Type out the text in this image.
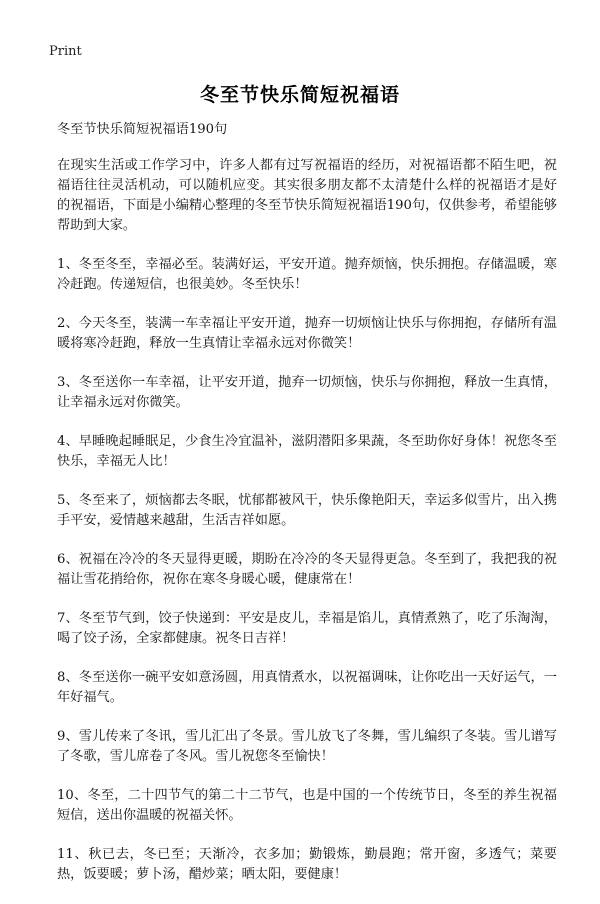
Print
冬至节快乐简短祝福语

冬至节快乐简短祝福语190句

在现实生活或工作学习中，许多人都有过写祝福语的经历，对祝福语都不陌生吧，祝福语往往灵活机动，可以随机应变。其实很多朋友都不太清楚什么样的祝福语才是好的祝福语，下面是小编精心整理的冬至节快乐简短祝福语190句，仅供参考，希望能够帮助到大家。

1、冬至冬至，幸福必至。装满好运，平安开道。抛弃烦恼，快乐拥抱。存储温暖，寒冷赶跑。传递短信，也很美妙。冬至快乐！

2、今天冬至，装满一车幸福让平安开道，抛弃一切烦恼让快乐与你拥抱，存储所有温暖将寒冷赶跑，释放一生真情让幸福永远对你微笑！

3、冬至送你一车幸福，让平安开道，抛弃一切烦恼，快乐与你拥抱，释放一生真情，让幸福永远对你微笑。

4、早睡晚起睡眠足，少食生冷宜温补，滋阴潜阳多果蔬，冬至助你好身体！祝您冬至快乐，幸福无人比！

5、冬至来了，烦恼都去冬眠，忧郁都被风干，快乐像艳阳天，幸运多似雪片，出入携手平安，爱情越来越甜，生活吉祥如愿。

6、祝福在冷冷的冬天显得更暖，期盼在冷冷的冬天显得更急。冬至到了，我把我的祝福让雪花捎给你，祝你在寒冬身暖心暖，健康常在！

7、冬至节气到，饺子快递到：平安是皮儿，幸福是馅儿，真情煮熟了，吃了乐淘淘，喝了饺子汤，全家都健康。祝冬日吉祥！

8、冬至送你一碗平安如意汤圆，用真情煮水，以祝福调味，让你吃出一天好运气，一年好福气。

9、雪儿传来了冬讯，雪儿汇出了冬景。雪儿放飞了冬舞，雪儿编织了冬装。雪儿谱写了冬歌，雪儿席卷了冬风。雪儿祝您冬至愉快！

10、冬至，二十四节气的第二十二节气，也是中国的一个传统节日，冬至的养生祝福短信，送出你温暖的祝福关怀。

11、秋已去，冬已至；天渐冷，衣多加；勤锻炼，勤晨跑；常开窗，多透气；菜要热，饭要暖；萝卜汤，醋炒菜；晒太阳，要健康！
